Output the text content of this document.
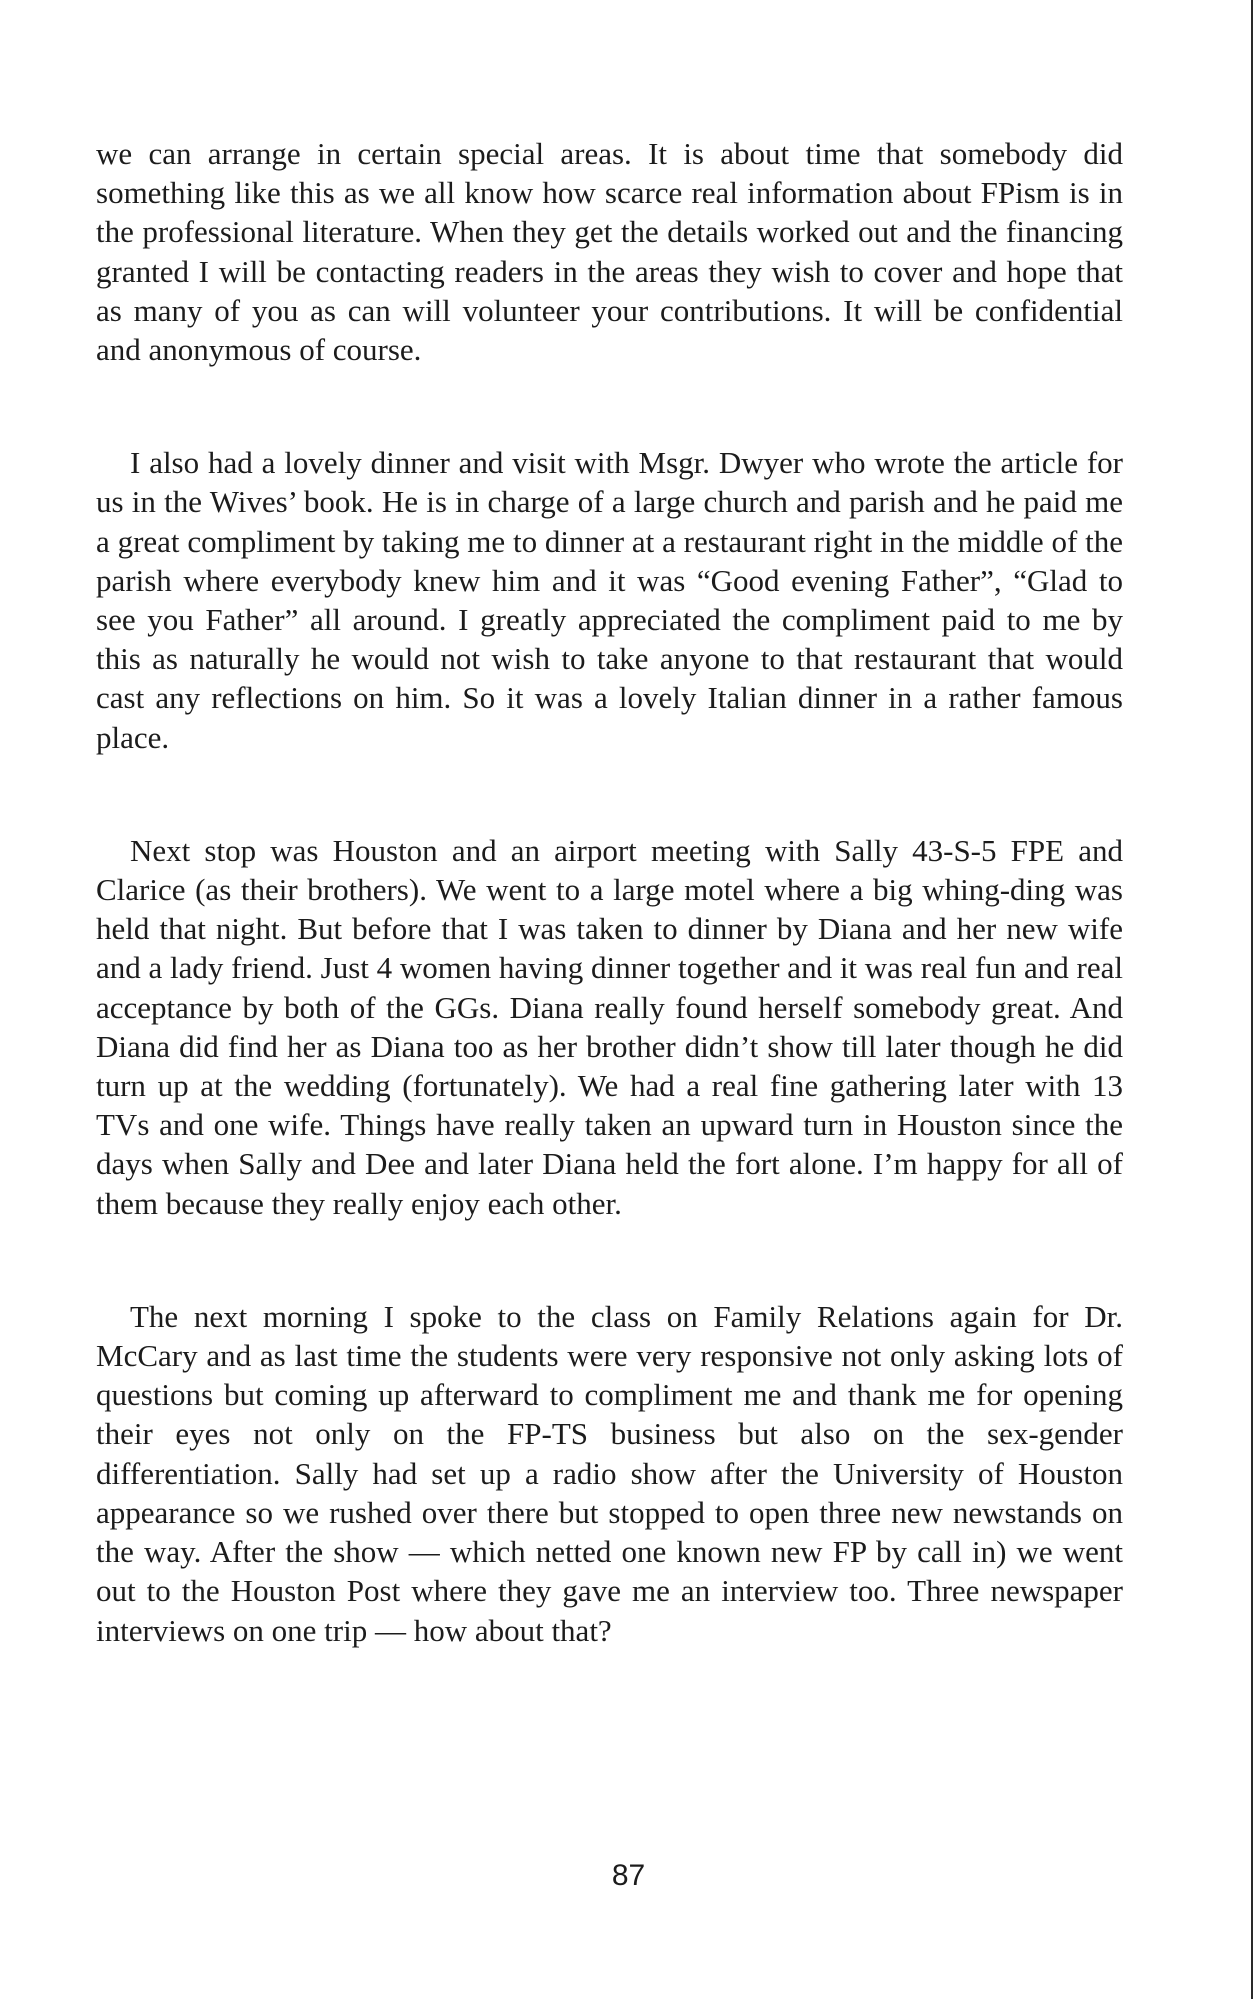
we can arrange in certain special areas. It is about time that somebody did something like this as we all know how scarce real information about FPism is in the professional literature. When they get the details worked out and the financing granted I will be contacting readers in the areas they wish to cover and hope that as many of you as can will volunteer your contributions. It will be confidential and anonymous of course.

I also had a lovely dinner and visit with Msgr. Dwyer who wrote the article for us in the Wives’ book. He is in charge of a large church and parish and he paid me a great compliment by taking me to dinner at a restaurant right in the middle of the parish where everybody knew him and it was “Good evening Father”, “Glad to see you Father” all around. I greatly appreciated the compliment paid to me by this as naturally he would not wish to take anyone to that restaurant that would cast any reflections on him. So it was a lovely Italian dinner in a rather famous place.

Next stop was Houston and an airport meeting with Sally 43-S-5 FPE and Clarice (as their brothers). We went to a large motel where a big whing-ding was held that night. But before that I was taken to dinner by Diana and her new wife and a lady friend. Just 4 women having dinner together and it was real fun and real acceptance by both of the GGs. Diana really found herself somebody great. And Diana did find her as Diana too as her brother didn’t show till later though he did turn up at the wedding (fortunately). We had a real fine gathering later with 13 TVs and one wife. Things have really taken an upward turn in Houston since the days when Sally and Dee and later Diana held the fort alone. I’m happy for all of them because they really enjoy each other.

The next morning I spoke to the class on Family Relations again for Dr. McCary and as last time the students were very responsive not only asking lots of questions but coming up afterward to compliment me and thank me for opening their eyes not only on the FP-TS business but also on the sex-gender differentiation. Sally had set up a radio show after the University of Houston appearance so we rushed over there but stopped to open three new newstands on the way. After the show — which netted one known new FP by call in) we went out to the Houston Post where they gave me an interview too. Three newspaper interviews on one trip — how about that?

87
